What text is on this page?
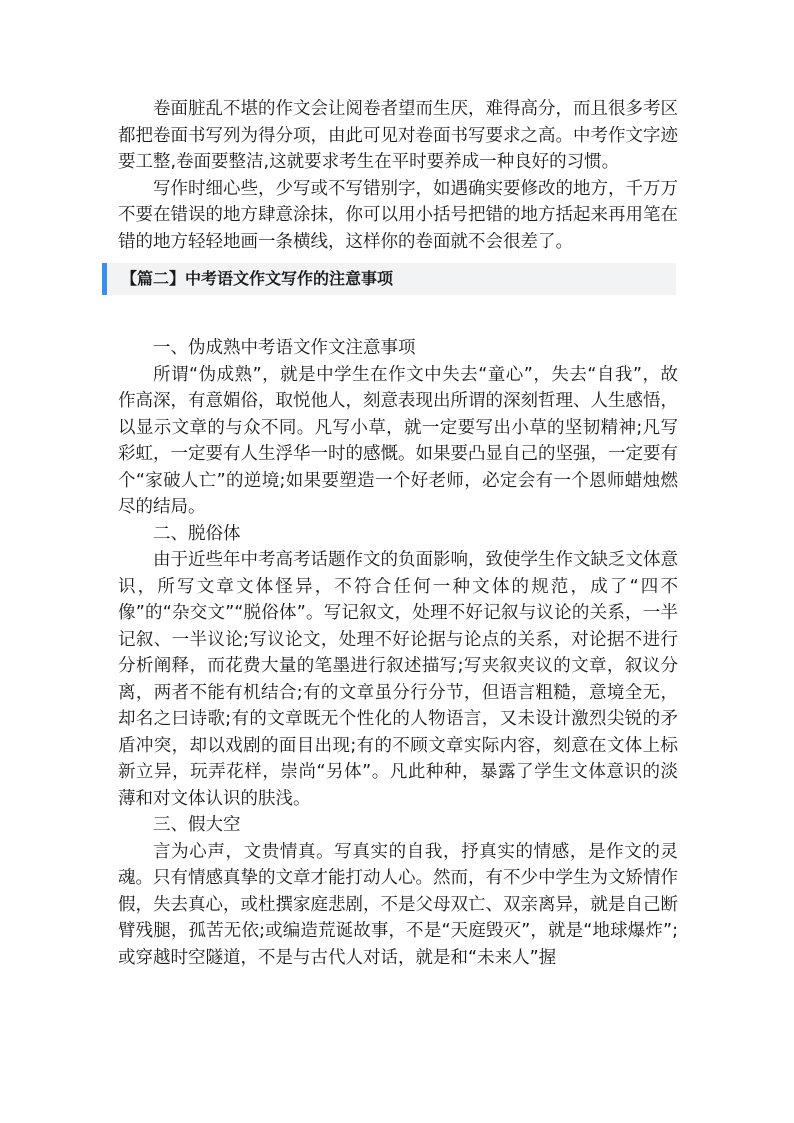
卷面脏乱不堪的作文会让阅卷者望而生厌，难得高分，而且很多考区都把卷面书写列为得分项，由此可见对卷面书写要求之高。中考作文字迹要工整,卷面要整洁,这就要求考生在平时要养成一种良好的习惯。

写作时细心些，少写或不写错别字，如遇确实要修改的地方，千万万不要在错误的地方肆意涂抹，你可以用小括号把错的地方括起来再用笔在错的地方轻轻地画一条横线，这样你的卷面就不会很差了。

【篇二】中考语文作文写作的注意事项

一、伪成熟中考语文作文注意事项

所谓“伪成熟”，就是中学生在作文中失去“童心”，失去“自我”，故作高深，有意媚俗，取悦他人，刻意表现出所谓的深刻哲理、人生感悟，以显示文章的与众不同。凡写小草，就一定要写出小草的坚韧精神;凡写彩虹，一定要有人生浮华一时的感慨。如果要凸显自己的坚强，一定要有个“家破人亡”的逆境;如果要塑造一个好老师，必定会有一个恩师蜡烛燃尽的结局。

二、脱俗体

由于近些年中考高考话题作文的负面影响，致使学生作文缺乏文体意识，所写文章文体怪异，不符合任何一种文体的规范，成了“四不像”的“杂交文”“脱俗体”。写记叙文，处理不好记叙与议论的关系，一半记叙、一半议论;写议论文，处理不好论据与论点的关系，对论据不进行分析阐释，而花费大量的笔墨进行叙述描写;写夹叙夹议的文章，叙议分离，两者不能有机结合;有的文章虽分行分节，但语言粗糙，意境全无，却名之曰诗歌;有的文章既无个性化的人物语言，又未设计激烈尖锐的矛盾冲突，却以戏剧的面目出现;有的不顾文章实际内容，刻意在文体上标新立异，玩弄花样，崇尚“另体”。凡此种种，暴露了学生文体意识的淡薄和对文体认识的肤浅。

三、假大空

言为心声，文贵情真。写真实的自我，抒真实的情感，是作文的灵魂。只有情感真挚的文章才能打动人心。然而，有不少中学生为文矫情作假，失去真心，或杜撰家庭悲剧，不是父母双亡、双亲离异，就是自己断臂残腿，孤苦无依;或编造荒诞故事，不是“天庭毁灭”，就是“地球爆炸”;或穿越时空隧道，不是与古代人对话，就是和“未来人”握
